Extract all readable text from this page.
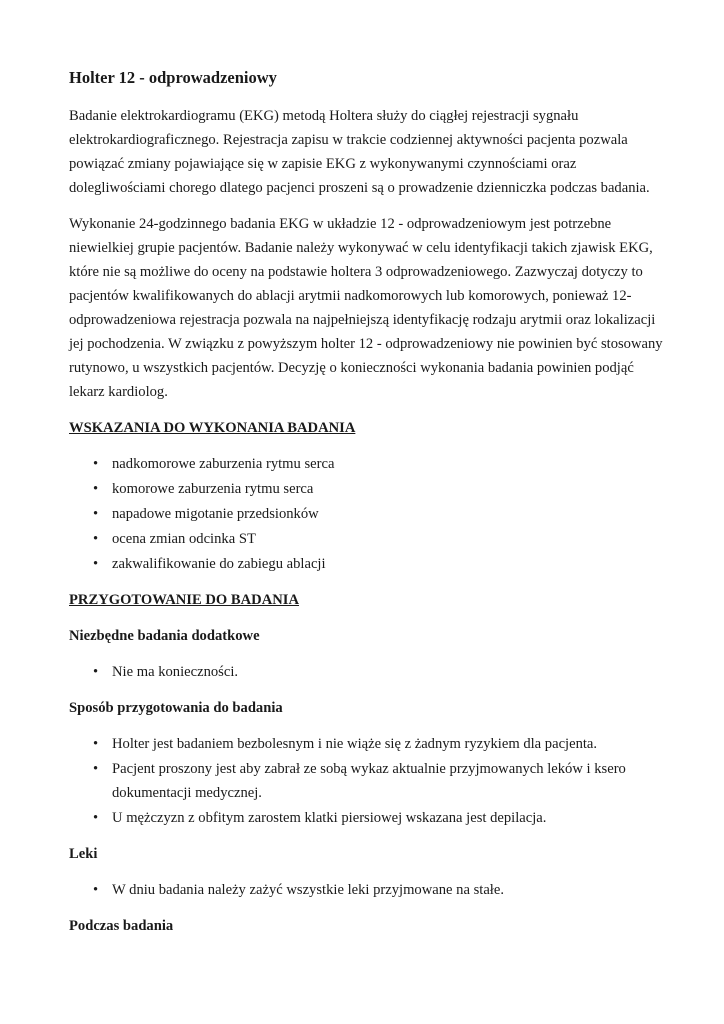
Holter 12 - odprowadzeniowy

Badanie elektrokardiogramu (EKG) metodą Holtera służy do ciągłej rejestracji sygnału elektrokardiograficznego. Rejestracja zapisu w trakcie codziennej aktywności pacjenta pozwala powiązać zmiany pojawiające się w zapisie EKG z wykonywanymi czynnościami oraz dolegliwościami chorego dlatego pacjenci proszeni są o prowadzenie dzienniczka podczas badania.

Wykonanie 24-godzinnego badania EKG w układzie 12 - odprowadzeniowym jest potrzebne niewielkiej grupie pacjentów. Badanie należy wykonywać w celu identyfikacji takich zjawisk EKG, które nie są możliwe do oceny na podstawie holtera 3 odprowadzeniowego. Zazwyczaj dotyczy to pacjentów kwalifikowanych do ablacji arytmii nadkomorowych lub komorowych, ponieważ 12-odprowadzeniowa rejestracja pozwala na najpełniejszą identyfikację rodzaju arytmii oraz lokalizacji jej pochodzenia. W związku z powyższym holter 12 - odprowadzeniowy nie powinien być stosowany rutynowo, u wszystkich pacjentów. Decyzję o konieczności wykonania badania powinien podjąć lekarz kardiolog.

WSKAZANIA DO WYKONANIA BADANIA
• nadkomorowe zaburzenia rytmu serca
• komorowe zaburzenia rytmu serca
• napadowe migotanie przedsionków
• ocena zmian odcinka ST
• zakwalifikowanie do zabiegu ablacji
PRZYGOTOWANIE DO BADANIA
Niezbędne badania dodatkowe
• Nie ma konieczności.
Sposób przygotowania do badania
• Holter jest badaniem bezbolesnym i nie wiąże się z żadnym ryzykiem dla pacjenta.
• Pacjent proszony jest aby zabrał ze sobą wykaz aktualnie przyjmowanych leków i ksero dokumentacji medycznej.
• U mężczyzn z obfitym zarostem klatki piersiowej wskazana jest depilacja.
Leki
• W dniu badania należy zażyć wszystkie leki przyjmowane na stałe.
Podczas badania
